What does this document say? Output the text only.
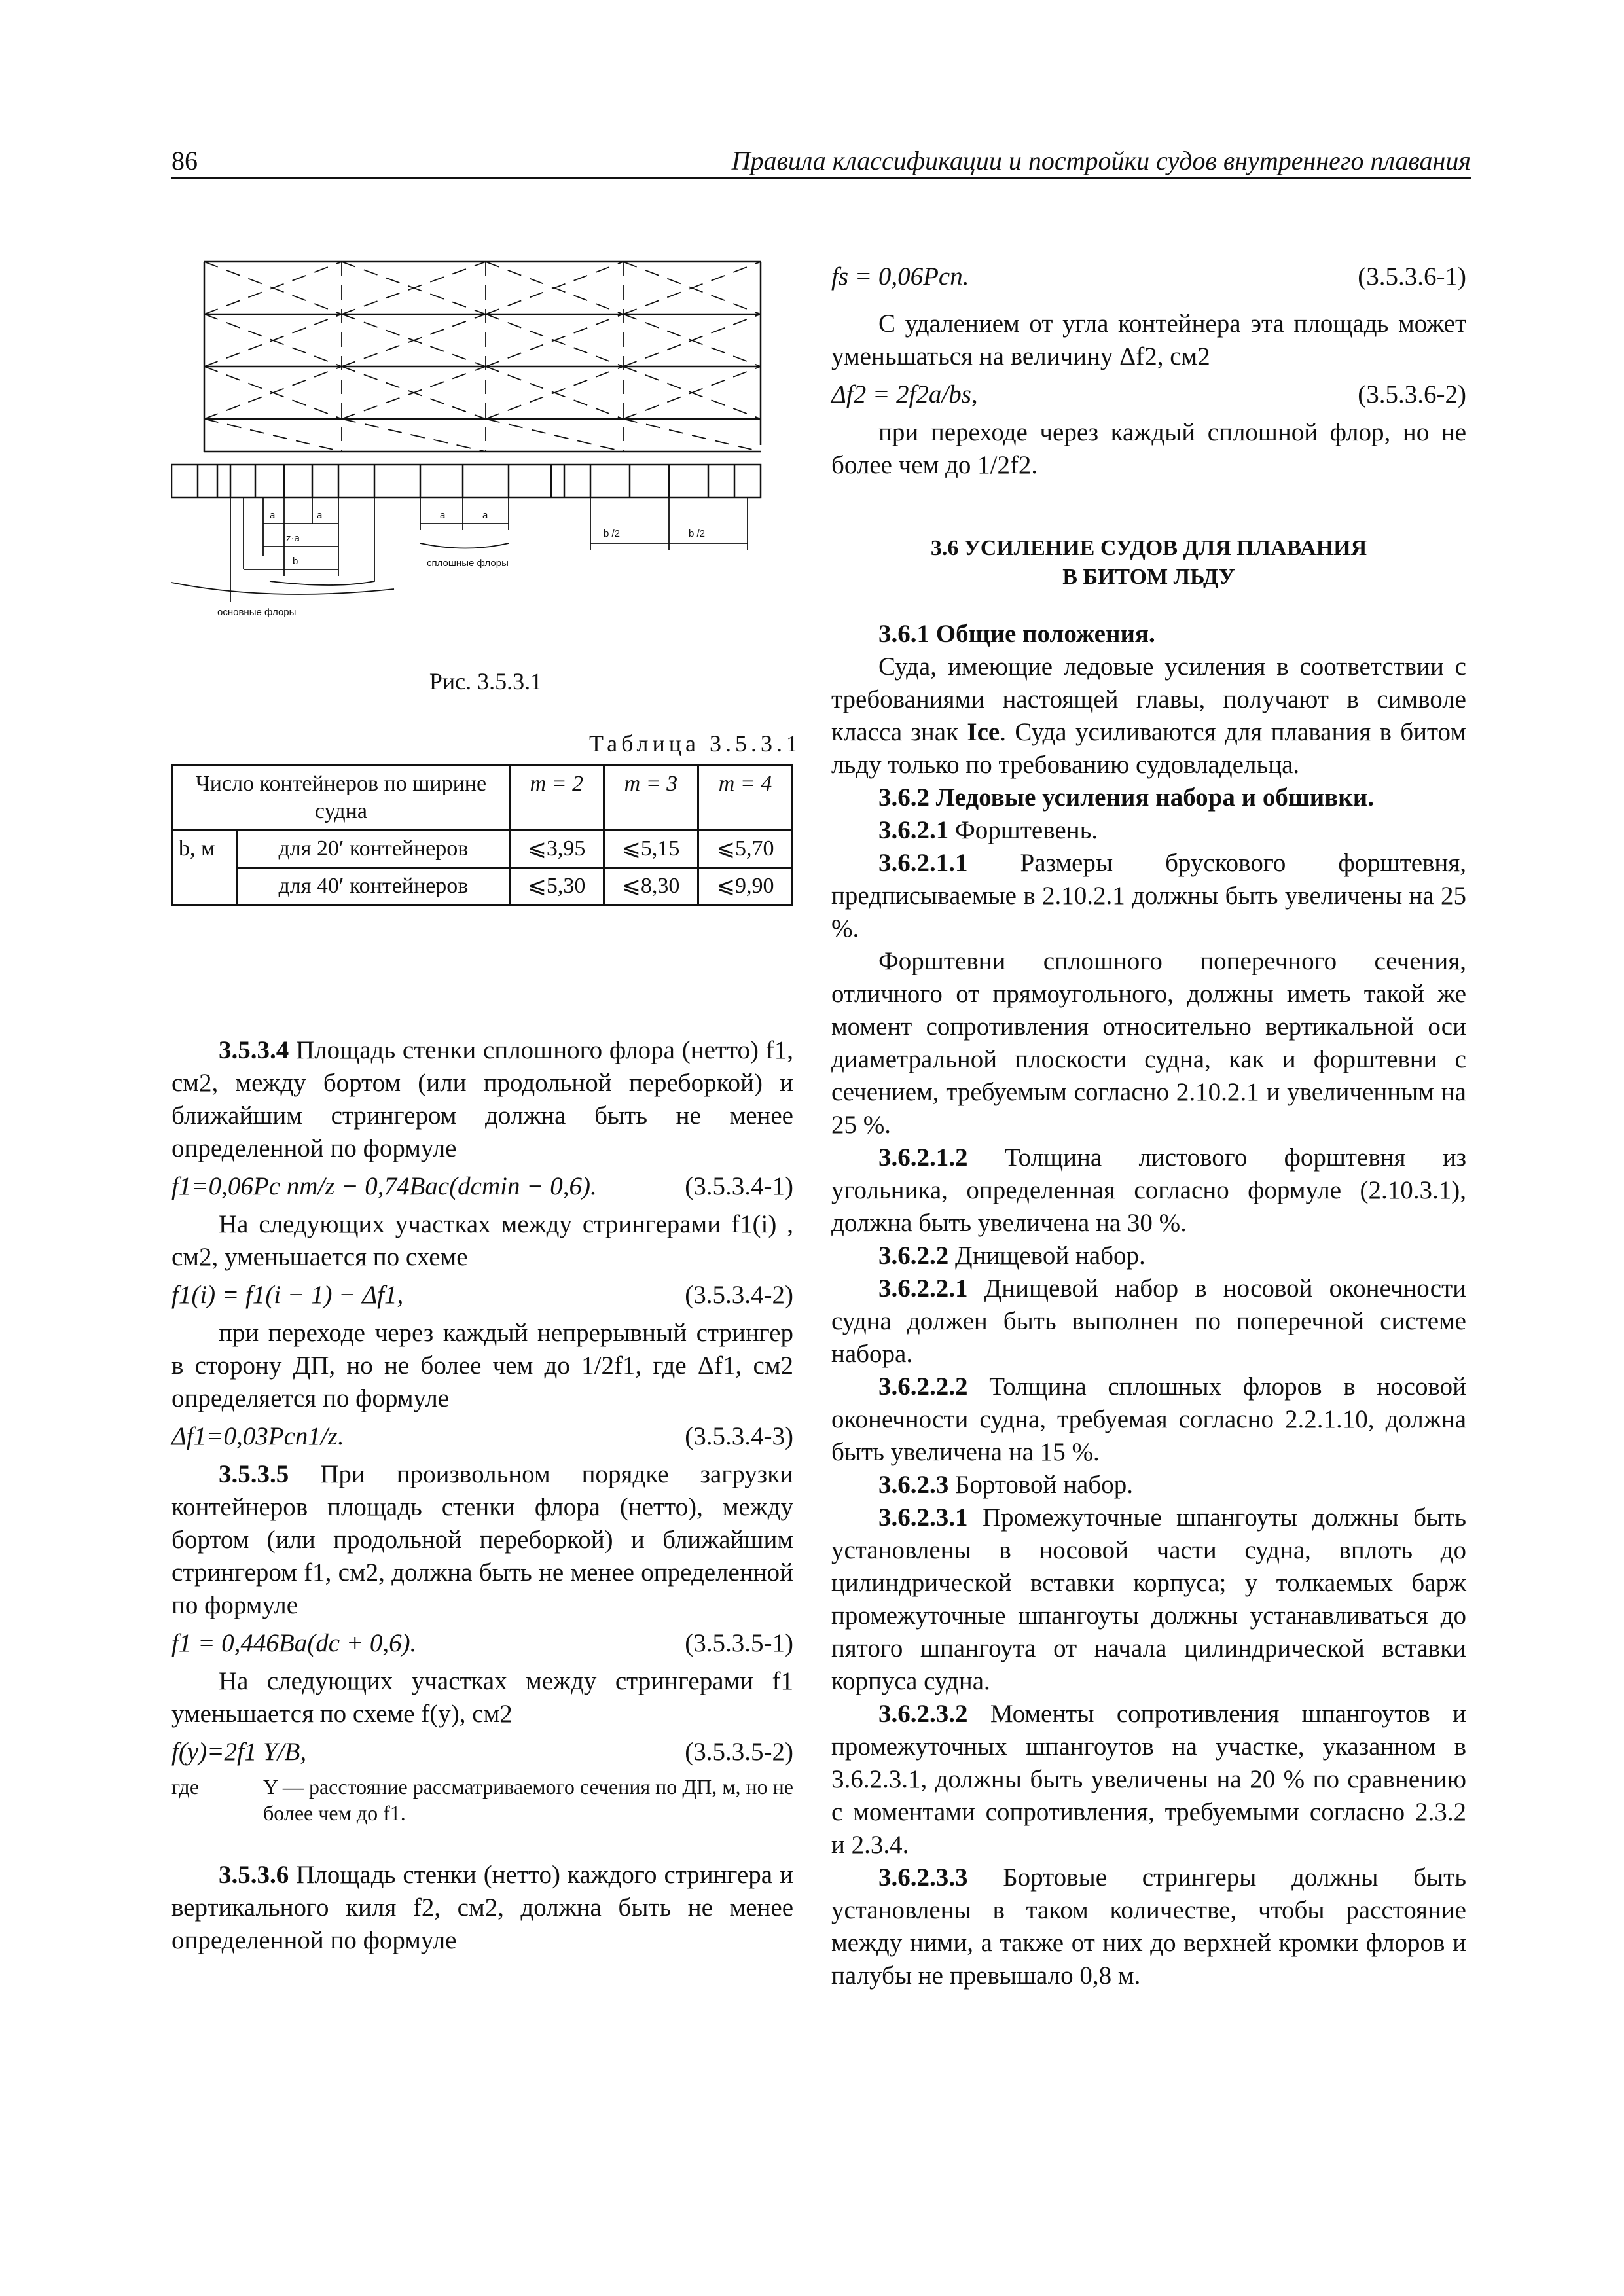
86	Правила классификации и постройки судов внутреннего плавания
a	a
z·a
b
a	a
сплошные флоры
b /2	b /2
основные флоры
Рис. 3.5.3.1
Таблица 3.5.3.1
Число контейнеров по ширине судна		m = 2	m = 3	m = 4
b, м	для 20′ контейнеров	⩽3,95	⩽5,15	⩽5,70
	для 40′ контейнеров	⩽5,30	⩽8,30	⩽9,90

3.5.3.4 Площадь стенки сплошного флора (нетто) f1, см2, между бортом (или продольной переборкой) и ближайшим стрингером должна быть не менее определенной по формуле

f1=0,06Pc nm/z − 0,74Bac(dcmin − 0,6).	(3.5.3.4-1)

На следующих участках между стрингерами f1(i) , см2, уменьшается по схеме

f1(i) = f1(i − 1) − Δf1,	(3.5.3.4-2)

при переходе через каждый непрерывный стрингер в сторону ДП, но не более чем до 1/2f1, где Δf1, см2 определяется по формуле

Δf1=0,03Pcn1/z.	(3.5.3.4-3)

3.5.3.5 При произвольном порядке загрузки контейнеров площадь стенки флора (нетто), между бортом (или продольной переборкой) и ближайшим стрингером f1, см2, должна быть не менее определенной по формуле

f1 = 0,446Ba(dc + 0,6).	(3.5.3.5-1)

На следующих участках между стрингерами f1 уменьшается по схеме f(y), см2

f(y)=2f1 Y/B,	(3.5.3.5-2)
где	Y — расстояние рассматриваемого сечения по ДП, м, но не более чем до f1.

3.5.3.6 Площадь стенки (нетто) каждого стрингера и вертикального киля f2, см2, должна быть не менее определенной по формуле

fs = 0,06Pcn.	(3.5.3.6-1)

С удалением от угла контейнера эта площадь может уменьшаться на величину Δf2, см2

Δf2 = 2f2a/bs,	(3.5.3.6-2)

при переходе через каждый сплошной флор, но не более чем до 1/2f2.

3.6 УСИЛЕНИЕ СУДОВ ДЛЯ ПЛАВАНИЯ
В БИТОМ ЛЬДУ

3.6.1 Общие положения.

Суда, имеющие ледовые усиления в соответствии с требованиями настоящей главы, получают в символе класса знак Ice. Суда усиливаются для плавания в битом льду только по требованию судовладельца.

3.6.2 Ледовые усиления набора и обшивки.

3.6.2.1 Форштевень.

3.6.2.1.1 Размеры брускового форштевня, предписываемые в 2.10.2.1 должны быть увеличены на 25 %.

Форштевни сплошного поперечного сечения, отличного от прямоугольного, должны иметь такой же момент сопротивления относительно вертикальной оси диаметральной плоскости судна, как и форштевни с сечением, требуемым согласно 2.10.2.1 и увеличенным на 25 %.

3.6.2.1.2 Толщина листового форштевня из угольника, определенная согласно формуле (2.10.3.1), должна быть увеличена на 30 %.

3.6.2.2 Днищевой набор.

3.6.2.2.1 Днищевой набор в носовой оконечности судна должен быть выполнен по поперечной системе набора.

3.6.2.2.2 Толщина сплошных флоров в носовой оконечности судна, требуемая согласно 2.2.1.10, должна быть увеличена на 15 %.

3.6.2.3 Бортовой набор.

3.6.2.3.1 Промежуточные шпангоуты должны быть установлены в носовой части судна, вплоть до цилиндрической вставки корпуса; у толкаемых барж промежуточные шпангоуты должны устанавливаться до пятого шпангоута от начала цилиндрической вставки корпуса судна.

3.6.2.3.2 Моменты сопротивления шпангоутов и промежуточных шпангоутов на участке, указанном в 3.6.2.3.1, должны быть увеличены на 20 % по сравнению с моментами сопротивления, требуемыми согласно 2.3.2 и 2.3.4.

3.6.2.3.3 Бортовые стрингеры должны быть установлены в таком количестве, чтобы расстояние между ними, а также от них до верхней кромки флоров и палубы не превышало 0,8 м.
